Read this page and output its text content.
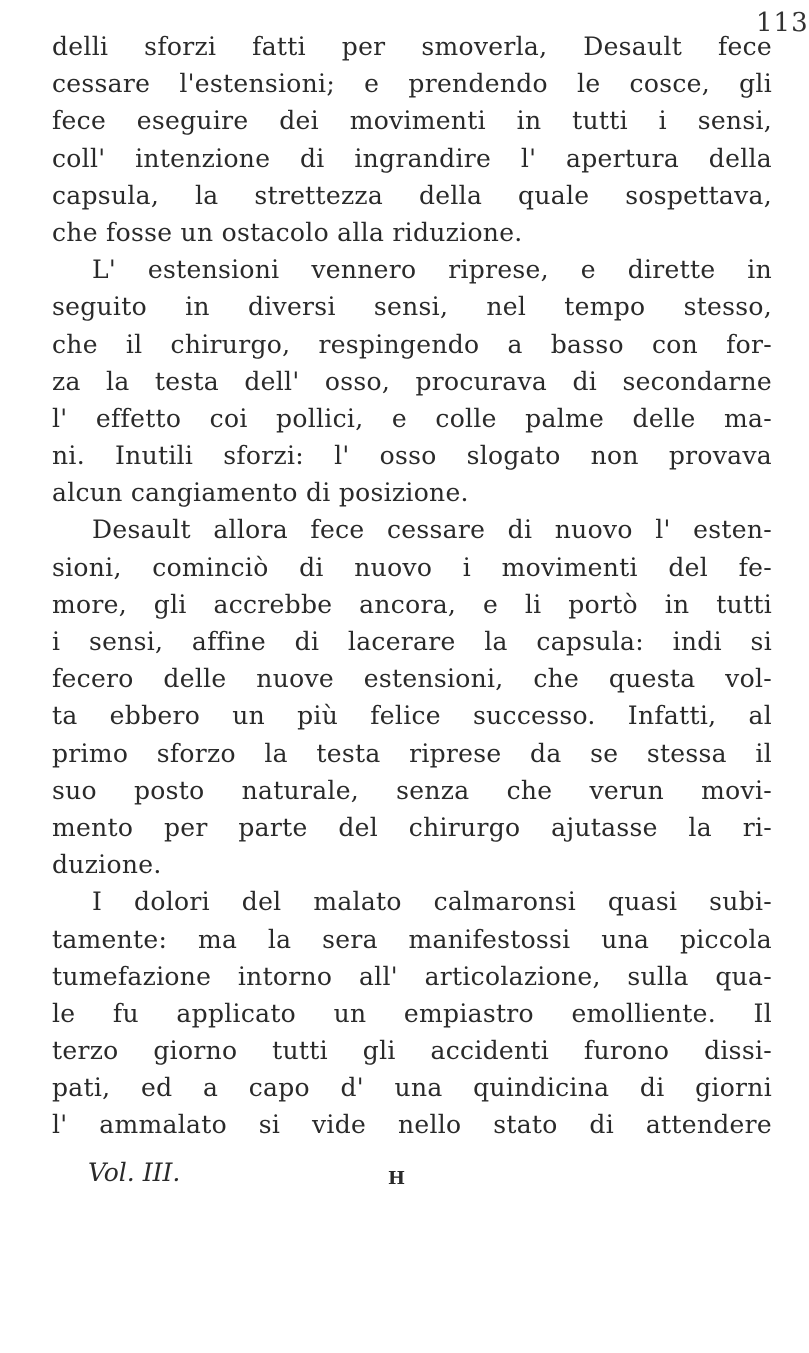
113
delli sforzi fatti per smoverla, Desault fece
cessare l'estensioni; e prendendo le cosce, gli
fece eseguire dei movimenti in tutti i sensi,
coll' intenzione di ingrandire l' apertura della
capsula, la strettezza della quale sospettava,
che fosse un ostacolo alla riduzione.
L' estensioni vennero riprese, e dirette in
seguito in diversi sensi, nel tempo stesso,
che il chirurgo, respingendo a basso con for-
za la testa dell' osso, procurava di secondarne
l' effetto coi pollici, e colle palme delle ma-
ni. Inutili sforzi: l' osso slogato non provava
alcun cangiamento di posizione.
Desault allora fece cessare di nuovo l' esten-
sioni, cominciò di nuovo i movimenti del fe-
more, gli accrebbe ancora, e li portò in tutti
i sensi, affine di lacerare la capsula: indi si
fecero delle nuove estensioni, che questa vol-
ta ebbero un più felice successo. Infatti, al
primo sforzo la testa riprese da se stessa il
suo posto naturale, senza che verun movi-
mento per parte del chirurgo ajutasse la ri-
duzione.
I dolori del malato calmaronsi quasi subi-
tamente: ma la sera manifestossi una piccola
tumefazione intorno all' articolazione, sulla qua-
le fu applicato un empiastro emolliente. Il
terzo giorno tutti gli accidenti furono dissi-
pati, ed a capo d' una quindicina di giorni
l' ammalato si vide nello stato di attendere
Vol. III.	H
